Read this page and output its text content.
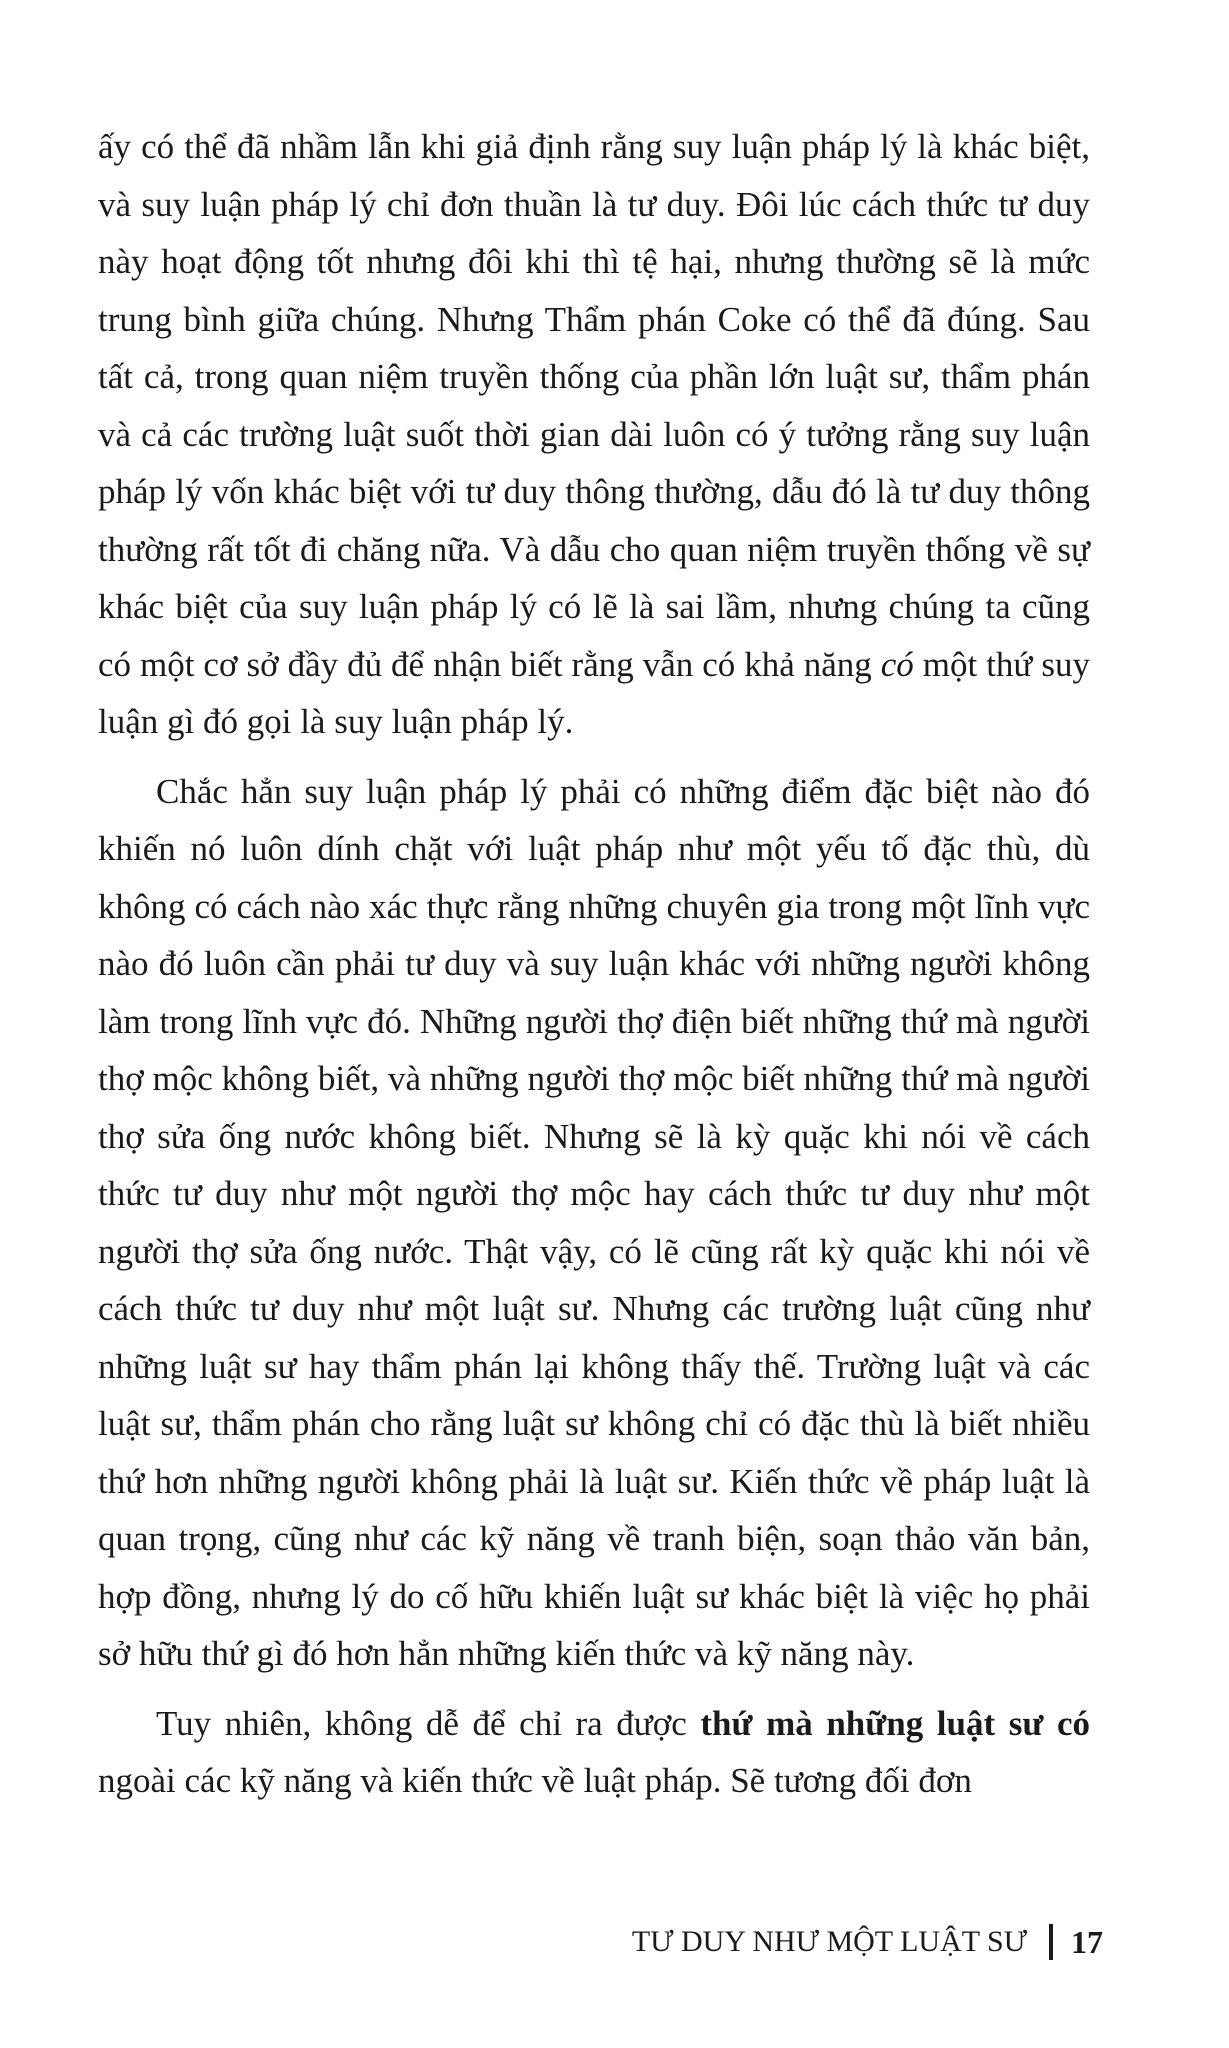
ấy có thể đã nhầm lẫn khi giả định rằng suy luận pháp lý là khác biệt, và suy luận pháp lý chỉ đơn thuần là tư duy. Đôi lúc cách thức tư duy này hoạt động tốt nhưng đôi khi thì tệ hại, nhưng thường sẽ là mức trung bình giữa chúng. Nhưng Thẩm phán Coke có thể đã đúng. Sau tất cả, trong quan niệm truyền thống của phần lớn luật sư, thẩm phán và cả các trường luật suốt thời gian dài luôn có ý tưởng rằng suy luận pháp lý vốn khác biệt với tư duy thông thường, dẫu đó là tư duy thông thường rất tốt đi chăng nữa. Và dẫu cho quan niệm truyền thống về sự khác biệt của suy luận pháp lý có lẽ là sai lầm, nhưng chúng ta cũng có một cơ sở đầy đủ để nhận biết rằng vẫn có khả năng có một thứ suy luận gì đó gọi là suy luận pháp lý.

Chắc hẳn suy luận pháp lý phải có những điểm đặc biệt nào đó khiến nó luôn dính chặt với luật pháp như một yếu tố đặc thù, dù không có cách nào xác thực rằng những chuyên gia trong một lĩnh vực nào đó luôn cần phải tư duy và suy luận khác với những người không làm trong lĩnh vực đó. Những người thợ điện biết những thứ mà người thợ mộc không biết, và những người thợ mộc biết những thứ mà người thợ sửa ống nước không biết. Nhưng sẽ là kỳ quặc khi nói về cách thức tư duy như một người thợ mộc hay cách thức tư duy như một người thợ sửa ống nước. Thật vậy, có lẽ cũng rất kỳ quặc khi nói về cách thức tư duy như một luật sư. Nhưng các trường luật cũng như những luật sư hay thẩm phán lại không thấy thế. Trường luật và các luật sư, thẩm phán cho rằng luật sư không chỉ có đặc thù là biết nhiều thứ hơn những người không phải là luật sư. Kiến thức về pháp luật là quan trọng, cũng như các kỹ năng về tranh biện, soạn thảo văn bản, hợp đồng, nhưng lý do cố hữu khiến luật sư khác biệt là việc họ phải sở hữu thứ gì đó hơn hẳn những kiến thức và kỹ năng này.

Tuy nhiên, không dễ để chỉ ra được thứ mà những luật sư có ngoài các kỹ năng và kiến thức về luật pháp. Sẽ tương đối đơn

TƯ DUY NHƯ MỘT LUẬT SƯ 17
